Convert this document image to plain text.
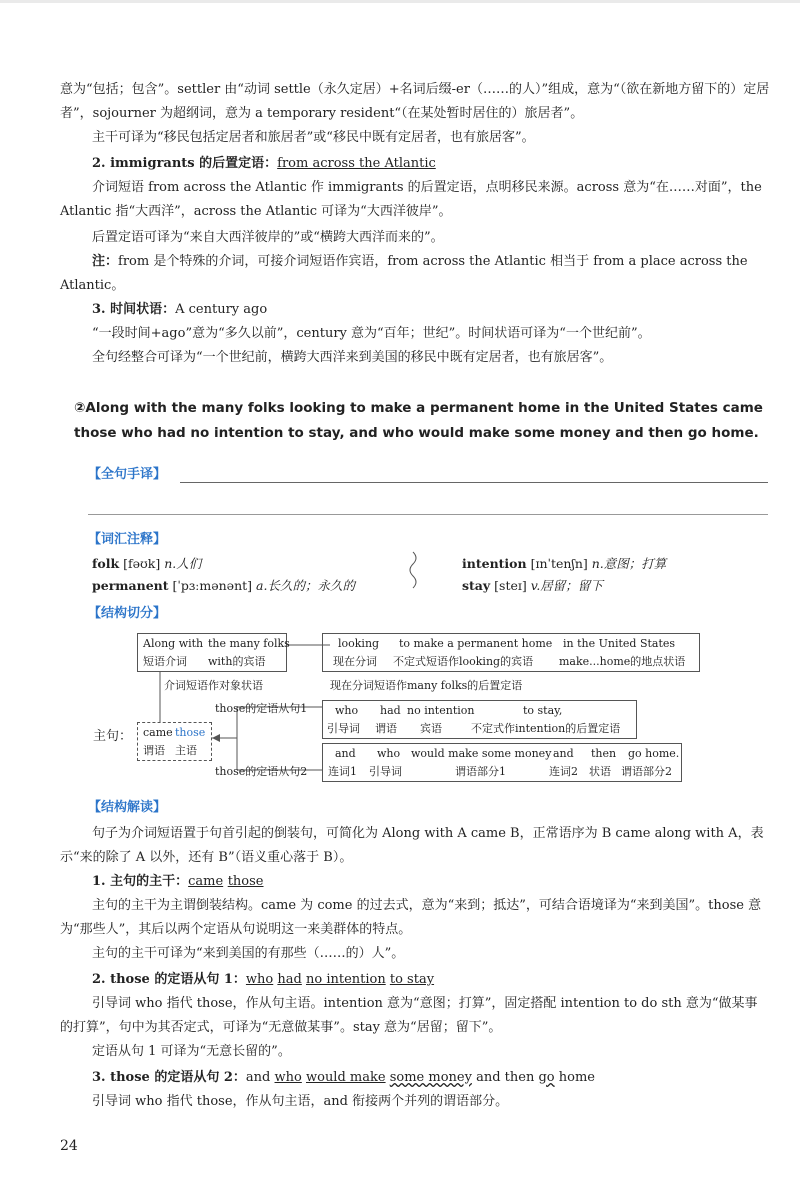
意为“包括；包含”。settler 由“动词 settle（永久定居）+名词后缀-er（……的人）”组成，意为“（欲在新地方留下的）定居者”，sojourner 为超纲词，意为 a temporary resident“（在某处暂时居住的）旅居者”。

主干可译为“移民包括定居者和旅居者”或“移民中既有定居者，也有旅居客”。

2. immigrants 的后置定语：from across the Atlantic

介词短语 from across the Atlantic 作 immigrants 的后置定语，点明移民来源。across 意为“在……对面”，the Atlantic 指“大西洋”，across the Atlantic 可译为“大西洋彼岸”。

后置定语可译为“来自大西洋彼岸的”或“横跨大西洋而来的”。

注：from 是个特殊的介词，可接介词短语作宾语，from across the Atlantic 相当于 from a place across the Atlantic。

3. 时间状语：A century ago

“一段时间+ago”意为“多久以前”，century 意为“百年；世纪”。时间状语可译为“一个世纪前”。

全句经整合可译为“一个世纪前，横跨大西洋来到美国的移民中既有定居者，也有旅居客”。

②Along with the many folks looking to make a permanent home in the United States came those who had no intention to stay, and who would make some money and then go home.
【全句手译】
【词汇注释】
folk [fəʊk] n.人们
permanent [ˈpɜːmənənt] a.长久的；永久的
intention [ɪnˈtenʃn] n.意图；打算
stay [steɪ] v.居留；留下
【结构切分】
Along with the many folks
短语介词 with的宾语
looking to make a permanent home in the United States
现在分词 不定式短语作looking的宾语 make...home的地点状语
介词短语作对象状语	现在分词短语作many folks的后置定语
主句： came those
谓语 主语
those的定语从句1	who had no intention	to stay,
引导词 谓语 宾语	不定式作intention的后置定语
those的定语从句2
and who would make some money and then go home.
连词1 引导词	谓语部分1	连词2 状语 谓语部分2
【结构解读】

句子为介词短语置于句首引起的倒装句，可简化为 Along with A came B，正常语序为 B came along with A，表示“来的除了 A 以外，还有 B”（语义重心落于 B）。

1. 主句的主干：came those

主句的主干为主谓倒装结构。came 为 come 的过去式，意为“来到；抵达”，可结合语境译为“来到美国”。those 意为“那些人”，其后以两个定语从句说明这一来美群体的特点。

主句的主干可译为“来到美国的有那些（……的）人”。

2. those 的定语从句 1：who had no intention to stay

引导词 who 指代 those，作从句主语。intention 意为“意图；打算”，固定搭配 intention to do sth 意为“做某事的打算”，句中为其否定式，可译为“无意做某事”。stay 意为“居留；留下”。

定语从句 1 可译为“无意长留的”。

3. those 的定语从句 2：and who would make some money and then go home

引导词 who 指代 those，作从句主语，and 衔接两个并列的谓语部分。

24
